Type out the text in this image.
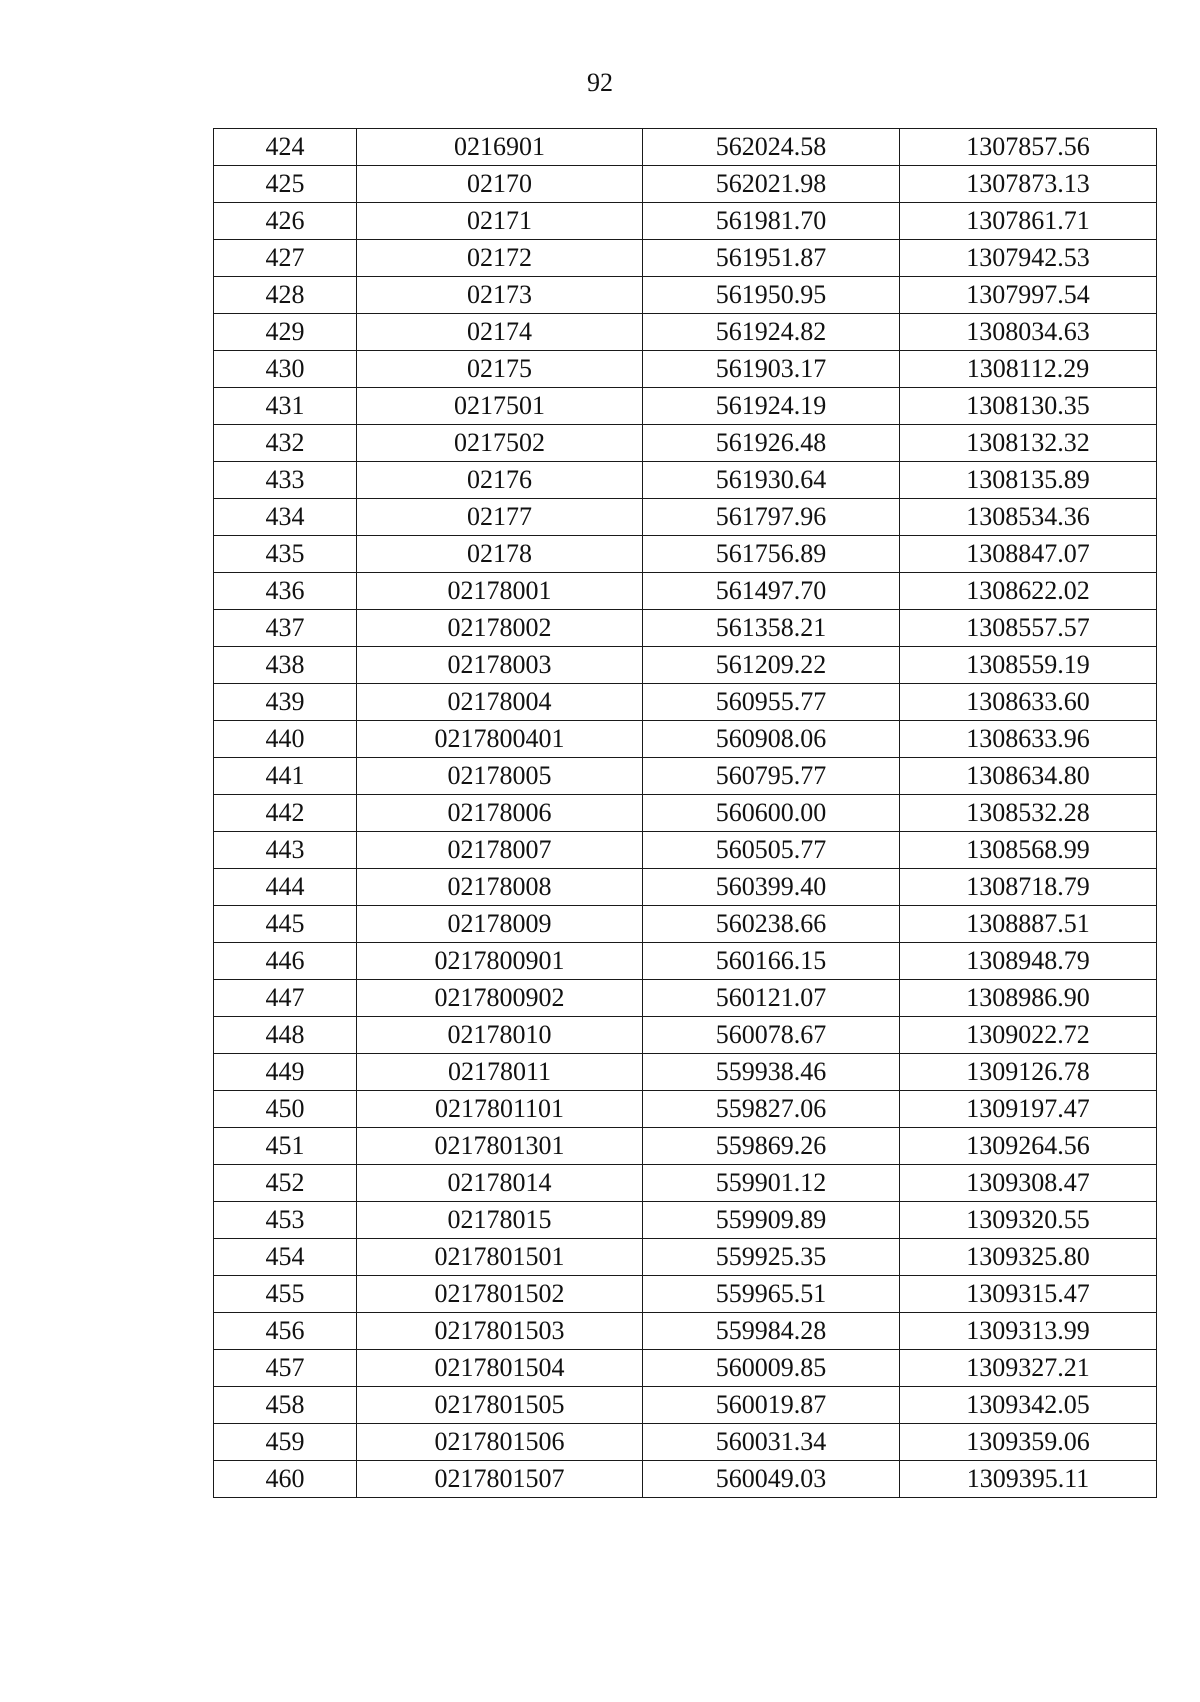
92
424	0216901	562024.58	1307857.56
425	02170	562021.98	1307873.13
426	02171	561981.70	1307861.71
427	02172	561951.87	1307942.53
428	02173	561950.95	1307997.54
429	02174	561924.82	1308034.63
430	02175	561903.17	1308112.29
431	0217501	561924.19	1308130.35
432	0217502	561926.48	1308132.32
433	02176	561930.64	1308135.89
434	02177	561797.96	1308534.36
435	02178	561756.89	1308847.07
436	02178001	561497.70	1308622.02
437	02178002	561358.21	1308557.57
438	02178003	561209.22	1308559.19
439	02178004	560955.77	1308633.60
440	0217800401	560908.06	1308633.96
441	02178005	560795.77	1308634.80
442	02178006	560600.00	1308532.28
443	02178007	560505.77	1308568.99
444	02178008	560399.40	1308718.79
445	02178009	560238.66	1308887.51
446	0217800901	560166.15	1308948.79
447	0217800902	560121.07	1308986.90
448	02178010	560078.67	1309022.72
449	02178011	559938.46	1309126.78
450	0217801101	559827.06	1309197.47
451	0217801301	559869.26	1309264.56
452	02178014	559901.12	1309308.47
453	02178015	559909.89	1309320.55
454	0217801501	559925.35	1309325.80
455	0217801502	559965.51	1309315.47
456	0217801503	559984.28	1309313.99
457	0217801504	560009.85	1309327.21
458	0217801505	560019.87	1309342.05
459	0217801506	560031.34	1309359.06
460	0217801507	560049.03	1309395.11
